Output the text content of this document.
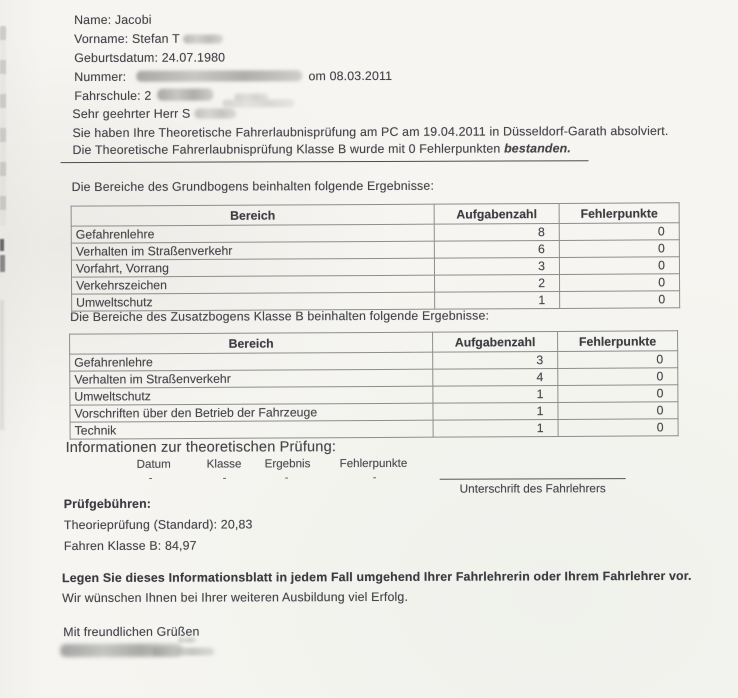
Name: Jacobi
Vorname: Stefan T
Geburtsdatum: 24.07.1980
Nummer:	om 08.03.2011
Fahrschule: 2
Sehr geehrter Herr S
Sie haben Ihre Theoretische Fahrerlaubnisprüfung am PC am 19.04.2011 in Düsseldorf-Garath absolviert.
Die Theoretische Fahrerlaubnisprüfung Klasse B wurde mit 0 Fehlerpunkten bestanden.
Die Bereiche des Grundbogens beinhalten folgende Ergebnisse:
Bereich	Aufgabenzahl	Fehlerpunkte
Gefahrenlehre	8	0
Verhalten im Straßenverkehr	6	0
Vorfahrt, Vorrang	3	0
Verkehrszeichen	2	0
Umweltschutz	1	0
Die Bereiche des Zusatzbogens Klasse B beinhalten folgende Ergebnisse:
Bereich	Aufgabenzahl	Fehlerpunkte
Gefahrenlehre	3	0
Verhalten im Straßenverkehr	4	0
Umweltschutz	1	0
Vorschriften über den Betrieb der Fahrzeuge	1	0
Technik	1	0
Informationen zur theoretischen Prüfung:
Datum	Klasse Ergebnis	Fehlerpunkte
-	-	-	-
Unterschrift des Fahrlehrers
Prüfgebühren:
Theorieprüfung (Standard): 20,83
Fahren Klasse B: 84,97
Legen Sie dieses Informationsblatt in jedem Fall umgehend Ihrer Fahrlehrerin oder Ihrem Fahrlehrer vor.
Wir wünschen Ihnen bei Ihrer weiteren Ausbildung viel Erfolg.
Mit freundlichen Grüßen
